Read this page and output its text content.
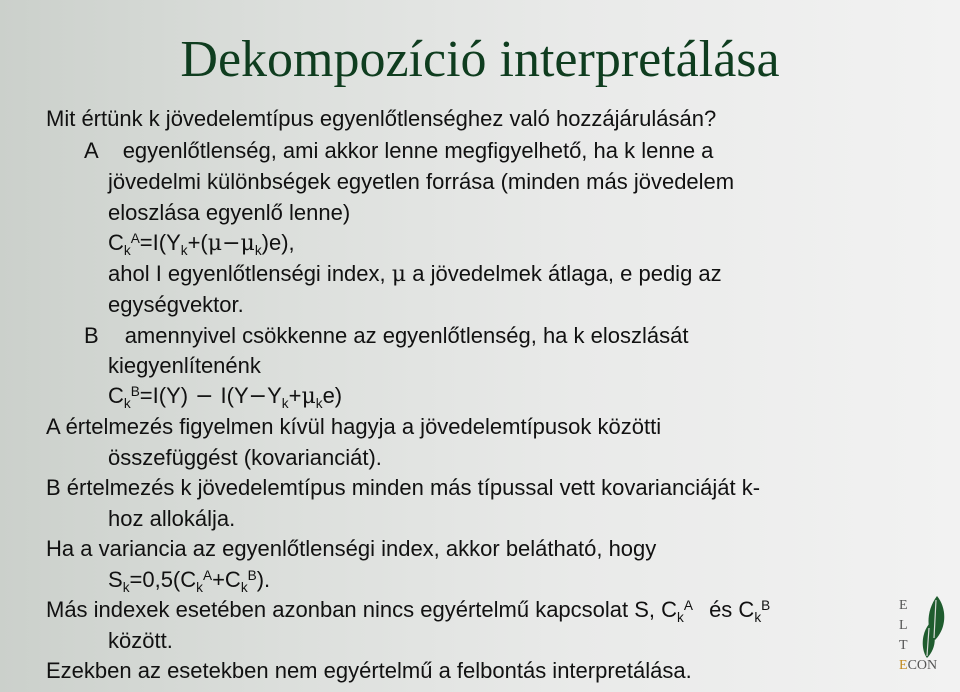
Dekompozíció interpretálása
Mit értünk k jövedelemtípus egyenlőtlenséghez való hozzájárulásán?
A egyenlőtlenség, ami akkor lenne megfigyelhető, ha k lenne a
jövedelmi különbségek egyetlen forrása (minden más jövedelem
eloszlása egyenlő lenne)
$C_k^A=I(Y_k+(\mu-\mu_k)e)$,
ahol I egyenlőtlenségi index, μ a jövedelmek átlaga, e pedig az
egységvektor.
B amennyivel csökkenne az egyenlőtlenség, ha k eloszlását
kiegyenlítenénk
$C_k^B=I(Y) - I(Y-Y_k+\mu_ke)$
A értelmezés figyelmen kívül hagyja a jövedelemtípusok közötti
összefüggést (kovarianciát).
B értelmezés k jövedelemtípus minden más típussal vett kovarianciáját k-
hoz allokálja.
Ha a variancia az egyenlőtlenségi index, akkor belátható, hogy
$S_k=0,5(C_k^A+C_k^B)$.
Más indexek esetében azonban nincs egyértelmű kapcsolat S, $C_k^A$ és $C_k^B$
között.
Ezekben az esetekben nem egyértelmű a felbontás interpretálása.
E
L
T
ECON
